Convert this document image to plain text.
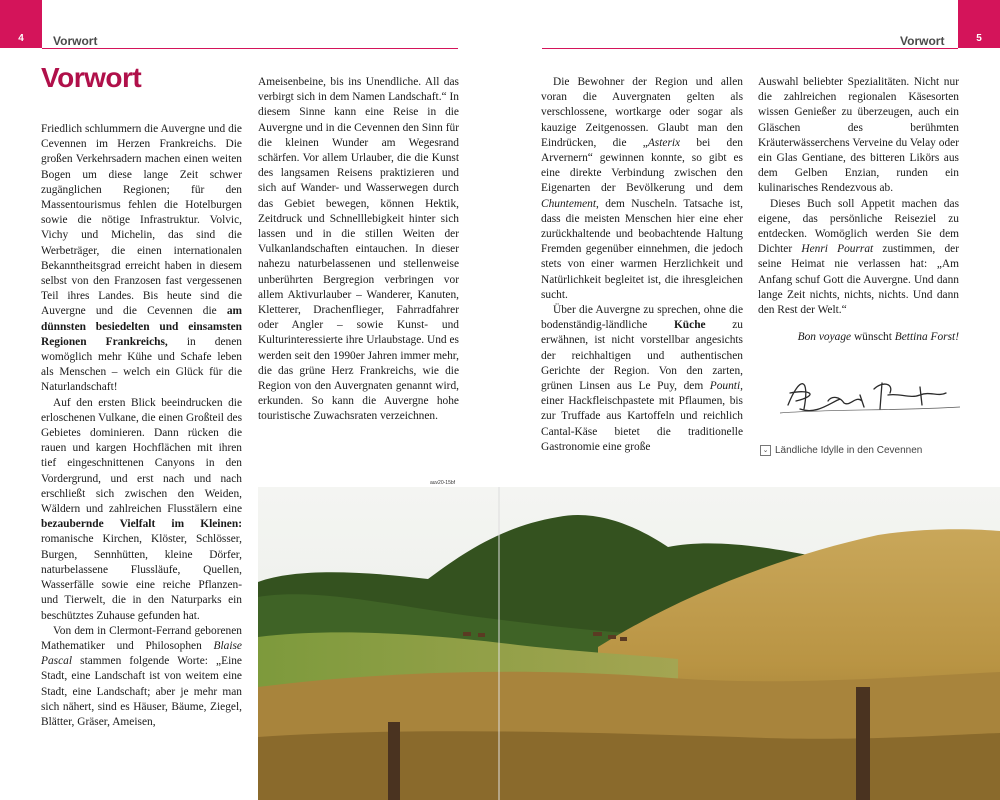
4 Vorwort	Vorwort	5
Vorwort

Friedlich schlummern die Auvergne und die Cevennen im Herzen Frankreichs. Die großen Verkehrsadern machen einen weiten Bogen um diese lange Zeit schwer zugänglichen Regionen; für den Massentourismus fehlen die Hotelburgen sowie die nötige Infrastruktur. Volvic, Vichy und Michelin, das sind die Werbeträger, die einen internationalen Bekanntheitsgrad erreicht haben in diesem selbst von den Franzosen fast vergessenen Teil ihres Landes. Bis heute sind die Auvergne und die Cevennen die am dünnsten besiedelten und einsamsten Regionen Frankreichs, in denen womöglich mehr Kühe und Schafe leben als Menschen – welch ein Glück für die Naturlandschaft!

Auf den ersten Blick beeindrucken die erloschenen Vulkane, die einen Großteil des Gebietes dominieren. Dann rücken die rauen und kargen Hochflächen mit ihren tief eingeschnittenen Canyons in den Vordergrund, und erst nach und nach erschließt sich zwischen den Weiden, Wäldern und zahlreichen Flusstälern eine bezaubernde Vielfalt im Kleinen: romanische Kirchen, Klöster, Schlösser, Burgen, Sennhütten, kleine Dörfer, naturbelassene Flussläufe, Quellen, Wasserfälle sowie eine reiche Pflanzen- und Tierwelt, die in den Naturparks ein beschütztes Zuhause gefunden hat.

Von dem in Clermont-Ferrand geborenen Mathematiker und Philosophen Blaise Pascal stammen folgende Worte: „Eine Stadt, eine Landschaft ist von weitem eine Stadt, eine Landschaft; aber je mehr man sich nähert, sind es Häuser, Bäume, Ziegel, Blätter, Gräser, Ameisen,

Ameisenbeine, bis ins Unendliche. All das verbirgt sich in dem Namen Landschaft.“ In diesem Sinne kann eine Reise in die Auvergne und in die Cevennen den Sinn für die kleinen Wunder am Wegesrand schärfen. Vor allem Urlauber, die die Kunst des langsamen Reisens praktizieren und sich auf Wander- und Wasserwegen durch das Gebiet bewegen, können Hektik, Zeitdruck und Schnelllebigkeit hinter sich lassen und in die stillen Weiten der Vulkanlandschaften eintauchen. In dieser nahezu naturbelassenen und stellenweise unberührten Bergregion verbringen vor allem Aktivurlauber – Wanderer, Kanuten, Kletterer, Drachenflieger, Fahrradfahrer oder Angler – sowie Kunst- und Kulturinteressierte ihre Urlaubstage. Und es werden seit den 1990er Jahren immer mehr, die das grüne Herz Frankreichs, wie die Region von den Auvergnaten genannt wird, erkunden. So kann die Auvergne hohe touristische Zuwachsraten verzeichnen.

Die Bewohner der Region und allen voran die Auvergnaten gelten als verschlossene, wortkarge oder sogar als kauzige Zeitgenossen. Glaubt man den Eindrücken, die „Asterix bei den Arvernern“ gewinnen konnte, so gibt es eine direkte Verbindung zwischen den Eigenarten der Bevölkerung und dem Chuntement, dem Nuscheln. Tatsache ist, dass die meisten Menschen hier eine eher zurückhaltende und beobachtende Haltung Fremden gegenüber einnehmen, die jedoch stets von einer warmen Herzlichkeit und Natürlichkeit begleitet ist, die ihresgleichen sucht.

Über die Auvergne zu sprechen, ohne die bodenständig-ländliche Küche zu erwähnen, ist nicht vorstellbar angesichts der reichhaltigen und authentischen Gerichte der Region. Von den zarten, grünen Linsen aus Le Puy, dem Pounti, einer Hackfleischpastete mit Pflaumen, bis zur Truffade aus Kartoffeln und reichlich Cantal-Käse bietet die traditionelle Gastronomie eine große

Auswahl beliebter Spezialitäten. Nicht nur die zahlreichen regionalen Käsesorten wissen Genießer zu überzeugen, auch ein Gläschen des berühmten Kräuterwässerchens Verveine du Velay oder ein Glas Gentiane, des bitteren Likörs aus dem Gelben Enzian, runden ein kulinarisches Rendezvous ab.

Dieses Buch soll Appetit machen das eigene, das persönliche Reiseziel zu entdecken. Womöglich werden Sie dem Dichter Henri Pourrat zustimmen, der seine Heimat nie verlassen hat: „Am Anfang schuf Gott die Auvergne. Und dann lange Zeit nichts, nichts, nichts. Und dann den Rest der Welt.“

Bon voyage wünscht Bettina Forst!

⌄ Ländliche Idylle in den Cevennen
auv20-15bf
